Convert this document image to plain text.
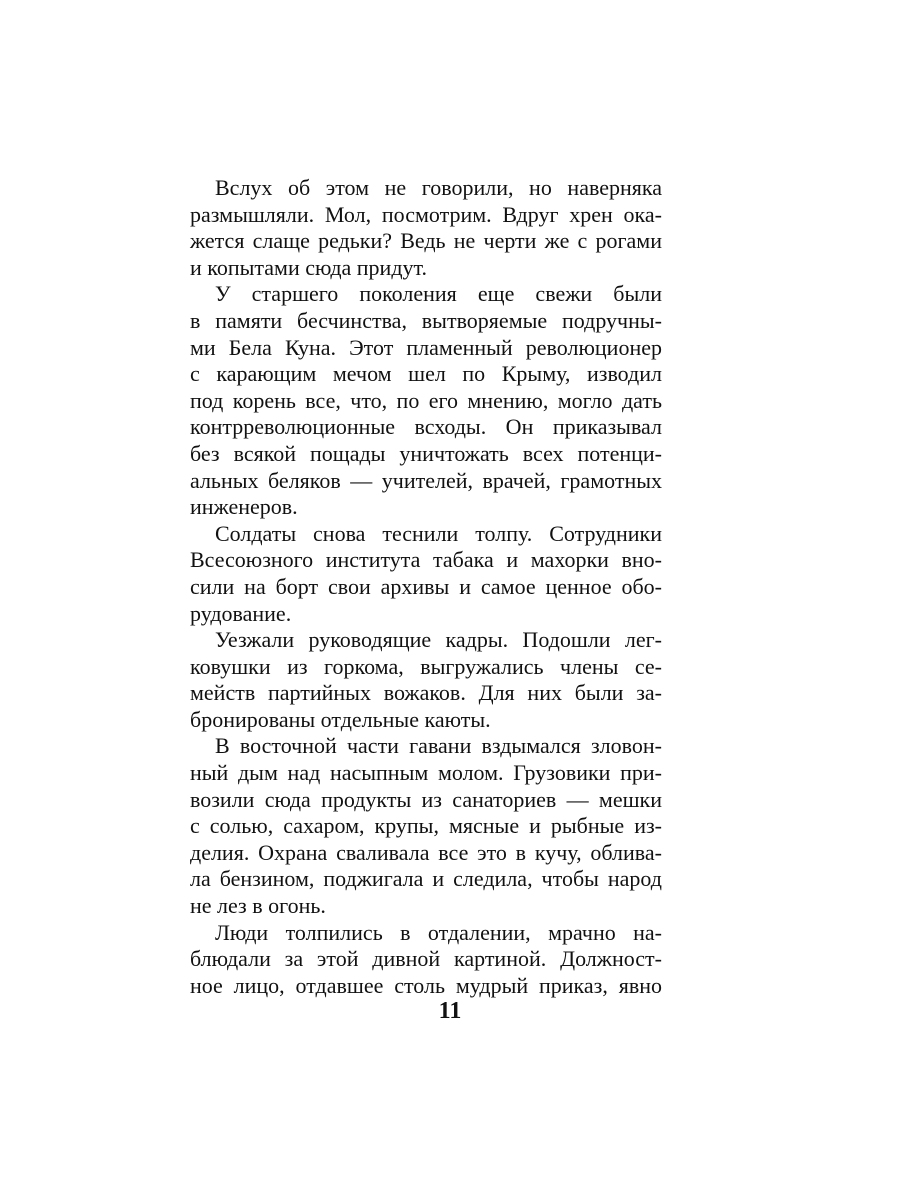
Вслух об этом не говорили, но наверняка
размышляли. Мол, посмотрим. Вдруг хрен ока-
жется слаще редьки? Ведь не черти же с рогами
и копытами сюда придут.
У старшего поколения еще свежи были
в памяти бесчинства, вытворяемые подручны-
ми Бела Куна. Этот пламенный революционер
с карающим мечом шел по Крыму, изводил
под корень все, что, по его мнению, могло дать
контрреволюционные всходы. Он приказывал
без всякой пощады уничтожать всех потенци-
альных беляков — учителей, врачей, грамотных
инженеров.
Солдаты снова теснили толпу. Сотрудники
Всесоюзного института табака и махорки вно-
сили на борт свои архивы и самое ценное обо-
рудование.
Уезжали руководящие кадры. Подошли лег-
ковушки из горкома, выгружались члены се-
мейств партийных вожаков. Для них были за-
бронированы отдельные каюты.
В восточной части гавани вздымался зловон-
ный дым над насыпным молом. Грузовики при-
возили сюда продукты из санаториев — мешки
с солью, сахаром, крупы, мясные и рыбные из-
делия. Охрана сваливала все это в кучу, облива-
ла бензином, поджигала и следила, чтобы народ
не лез в огонь.
Люди толпились в отдалении, мрачно на-
блюдали за этой дивной картиной. Должност-
ное лицо, отдавшее столь мудрый приказ, явно
11
